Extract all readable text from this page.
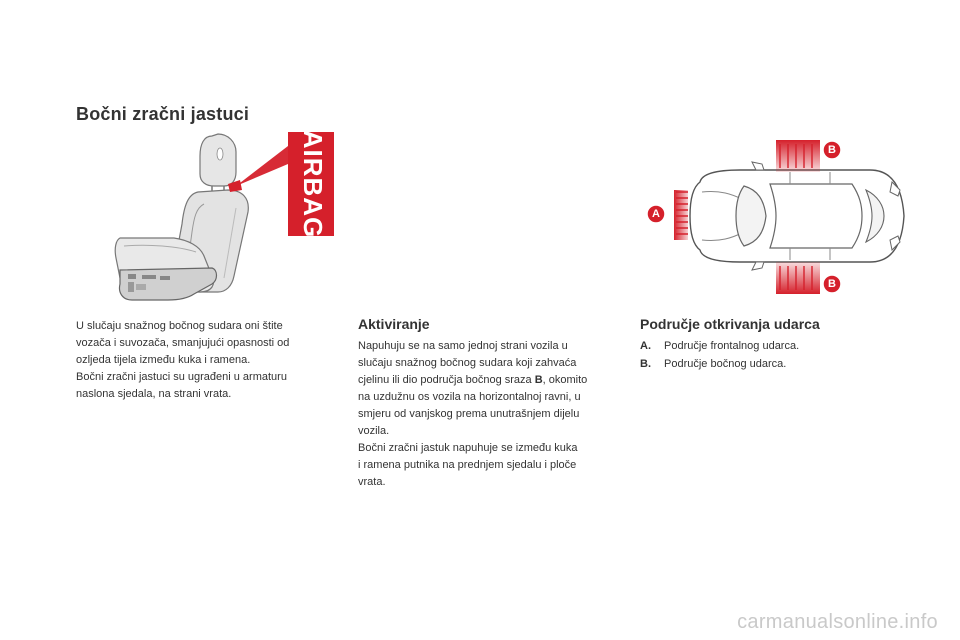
Bočni zračni jastuci
AIRBAG	A
B
B

U slučaju snažnog bočnog sudara oni štite

vozača i suvozača, smanjujući opasnosti od

ozljeda tijela između kuka i ramena.

Bočni zračni jastuci su ugrađeni u armaturu

naslona sjedala, na strani vrata.

Aktiviranje

Napuhuju se na samo jednoj strani vozila u

slučaju snažnog bočnog sudara koji zahvaća

cjelinu ili dio područja bočnog sraza B, okomito

na uzdužnu os vozila na horizontalnoj ravni, u

smjeru od vanjskog prema unutrašnjem dijelu

vozila.

Bočni zračni jastuk napuhuje se između kuka

i ramena putnika na prednjem sjedalu i ploče

vrata.

Područje otkrivanja udarca
A.	Područje frontalnog udarca.
B.	Područje bočnog udarca.
carmanualsonline.info
